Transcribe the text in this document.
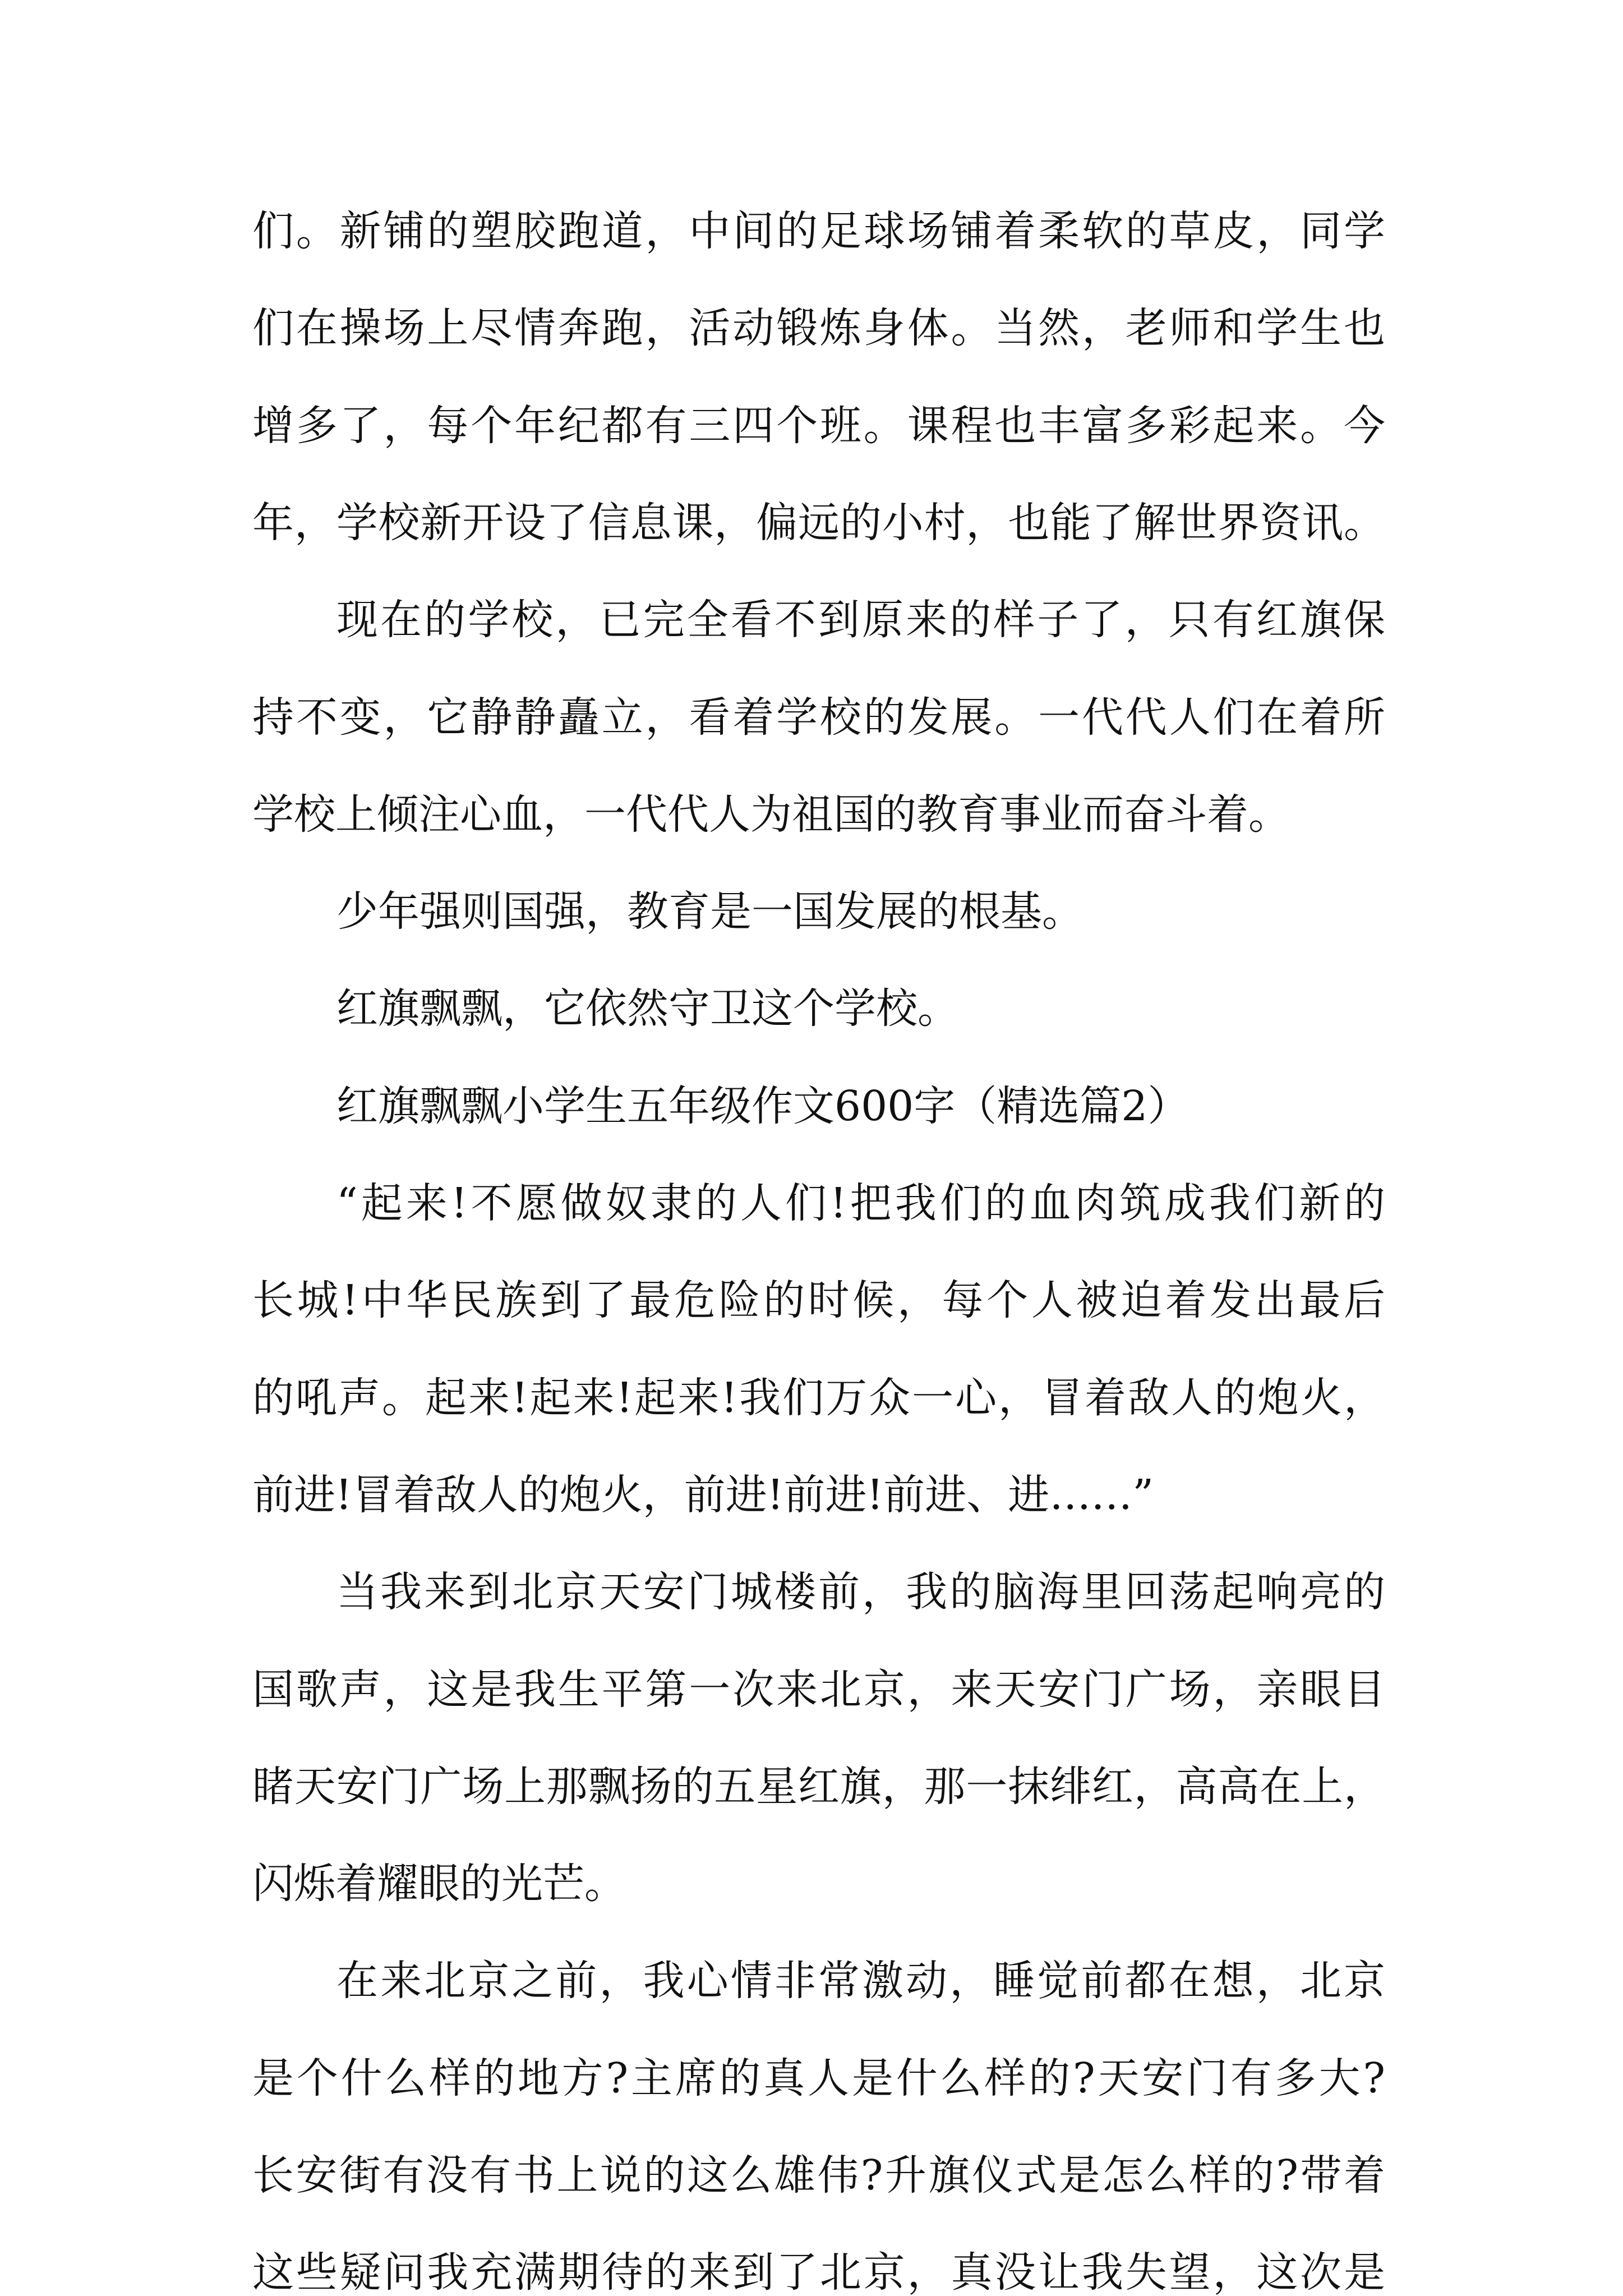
们。新铺的塑胶跑道，中间的足球场铺着柔软的草皮，同学

们在操场上尽情奔跑，活动锻炼身体。当然，老师和学生也

增多了，每个年纪都有三四个班。课程也丰富多彩起来。今

年，学校新开设了信息课，偏远的小村，也能了解世界资讯。

现在的学校，已完全看不到原来的样子了，只有红旗保

持不变，它静静矗立，看着学校的发展。一代代人们在着所

学校上倾注心血，一代代人为祖国的教育事业而奋斗着。

少年强则国强，教育是一国发展的根基。

红旗飘飘，它依然守卫这个学校。

红旗飘飘小学生五年级作文600字（精选篇2）

“起来!不愿做奴隶的人们!把我们的血肉筑成我们新的

长城!中华民族到了最危险的时候，每个人被迫着发出最后

的吼声。起来!起来!起来!我们万众一心，冒着敌人的炮火，

前进!冒着敌人的炮火，前进!前进!前进、进……”

当我来到北京天安门城楼前，我的脑海里回荡起响亮的

国歌声，这是我生平第一次来北京，来天安门广场，亲眼目

睹天安门广场上那飘扬的五星红旗，那一抹绯红，高高在上，

闪烁着耀眼的光芒。

在来北京之前，我心情非常激动，睡觉前都在想，北京

是个什么样的地方?主席的真人是什么样的?天安门有多大?

长安街有没有书上说的这么雄伟?升旗仪式是怎么样的?带着

这些疑问我充满期待的来到了北京，真没让我失望，这次是
